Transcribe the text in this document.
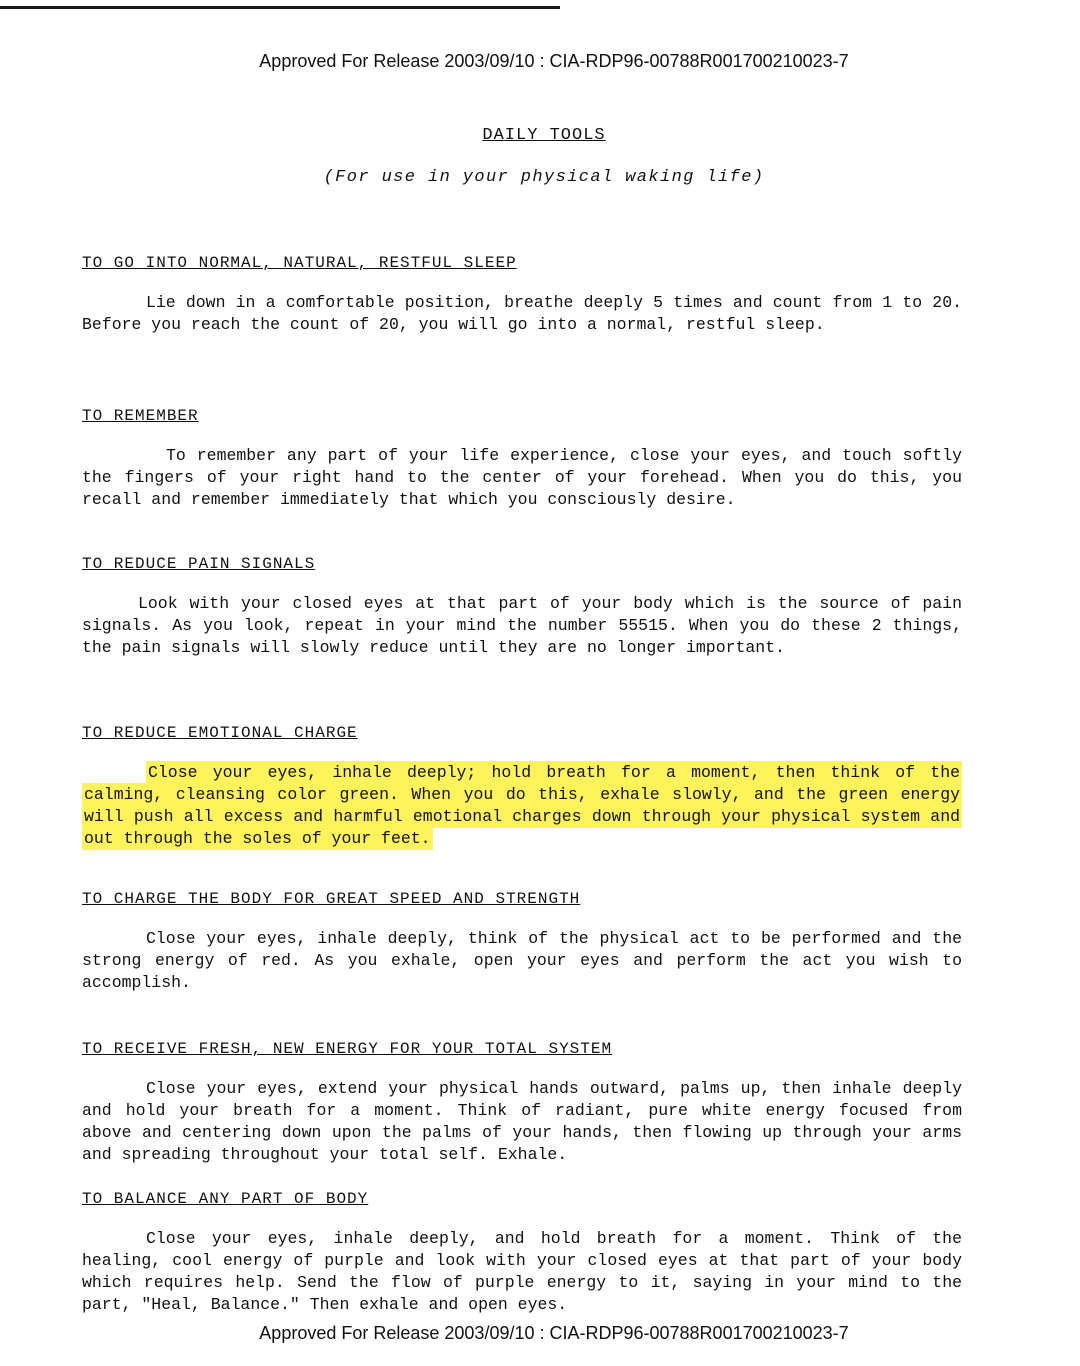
Approved For Release 2003/09/10 : CIA-RDP96-00788R001700210023-7
DAILY TOOLS
(For use in your physical waking life)
TO GO INTO NORMAL, NATURAL, RESTFUL SLEEP
Lie down in a comfortable position, breathe deeply 5 times and count from 1 to 20. Before you reach the count of 20, you will go into a normal, restful sleep.
TO REMEMBER
To remember any part of your life experience, close your eyes, and touch softly the fingers of your right hand to the center of your forehead. When you do this, you recall and remember immediately that which you consciously desire.
TO REDUCE PAIN SIGNALS
Look with your closed eyes at that part of your body which is the source of pain signals. As you look, repeat in your mind the number 55515. When you do these 2 things, the pain signals will slowly reduce until they are no longer important.
TO REDUCE EMOTIONAL CHARGE
Close your eyes, inhale deeply; hold breath for a moment, then think of the calming, cleansing color green. When you do this, exhale slowly, and the green energy will push all excess and harmful emotional charges down through your physical system and out through the soles of your feet.
TO CHARGE THE BODY FOR GREAT SPEED AND STRENGTH
Close your eyes, inhale deeply, think of the physical act to be performed and the strong energy of red. As you exhale, open your eyes and perform the act you wish to accomplish.
TO RECEIVE FRESH, NEW ENERGY FOR YOUR TOTAL SYSTEM
Close your eyes, extend your physical hands outward, palms up, then inhale deeply and hold your breath for a moment. Think of radiant, pure white energy focused from above and centering down upon the palms of your hands, then flowing up through your arms and spreading throughout your total self. Exhale.
TO BALANCE ANY PART OF BODY
Close your eyes, inhale deeply, and hold breath for a moment. Think of the healing, cool energy of purple and look with your closed eyes at that part of your body which requires help. Send the flow of purple energy to it, saying in your mind to the part, "Heal, Balance." Then exhale and open eyes.
Approved For Release 2003/09/10 : CIA-RDP96-00788R001700210023-7
